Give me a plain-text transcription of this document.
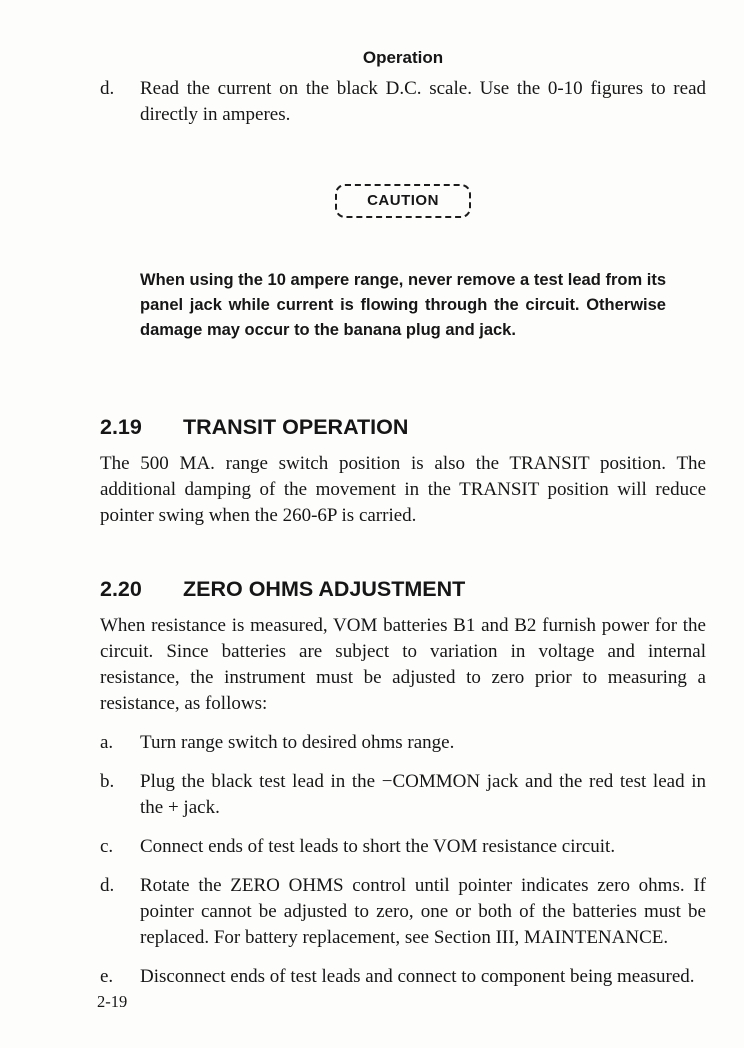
Operation
d.	Read the current on the black D.C. scale. Use the 0-10 figures to read directly in amperes.
CAUTION

When using the 10 ampere range, never remove a test lead from its panel jack while current is flowing through the circuit. Otherwise damage may occur to the banana plug and jack.

2.19	TRANSIT OPERATION

The 500 MA. range switch position is also the TRANSIT position. The additional damping of the movement in the TRANSIT position will reduce pointer swing when the 260-6P is carried.

2.20	ZERO OHMS ADJUSTMENT

When resistance is measured, VOM batteries B1 and B2 furnish power for the circuit. Since batteries are subject to variation in voltage and internal resistance, the instrument must be adjusted to zero prior to measuring a resistance, as follows:

a.	Turn range switch to desired ohms range.
b.	Plug the black test lead in the −COMMON jack and the red test lead in the + jack.
c.	Connect ends of test leads to short the VOM resistance circuit.
d.	Rotate the ZERO OHMS control until pointer indicates zero ohms. If pointer cannot be adjusted to zero, one or both of the batteries must be replaced. For battery replacement, see Section III, MAINTENANCE.
e.	Disconnect ends of test leads and connect to component being measured.
2-19
